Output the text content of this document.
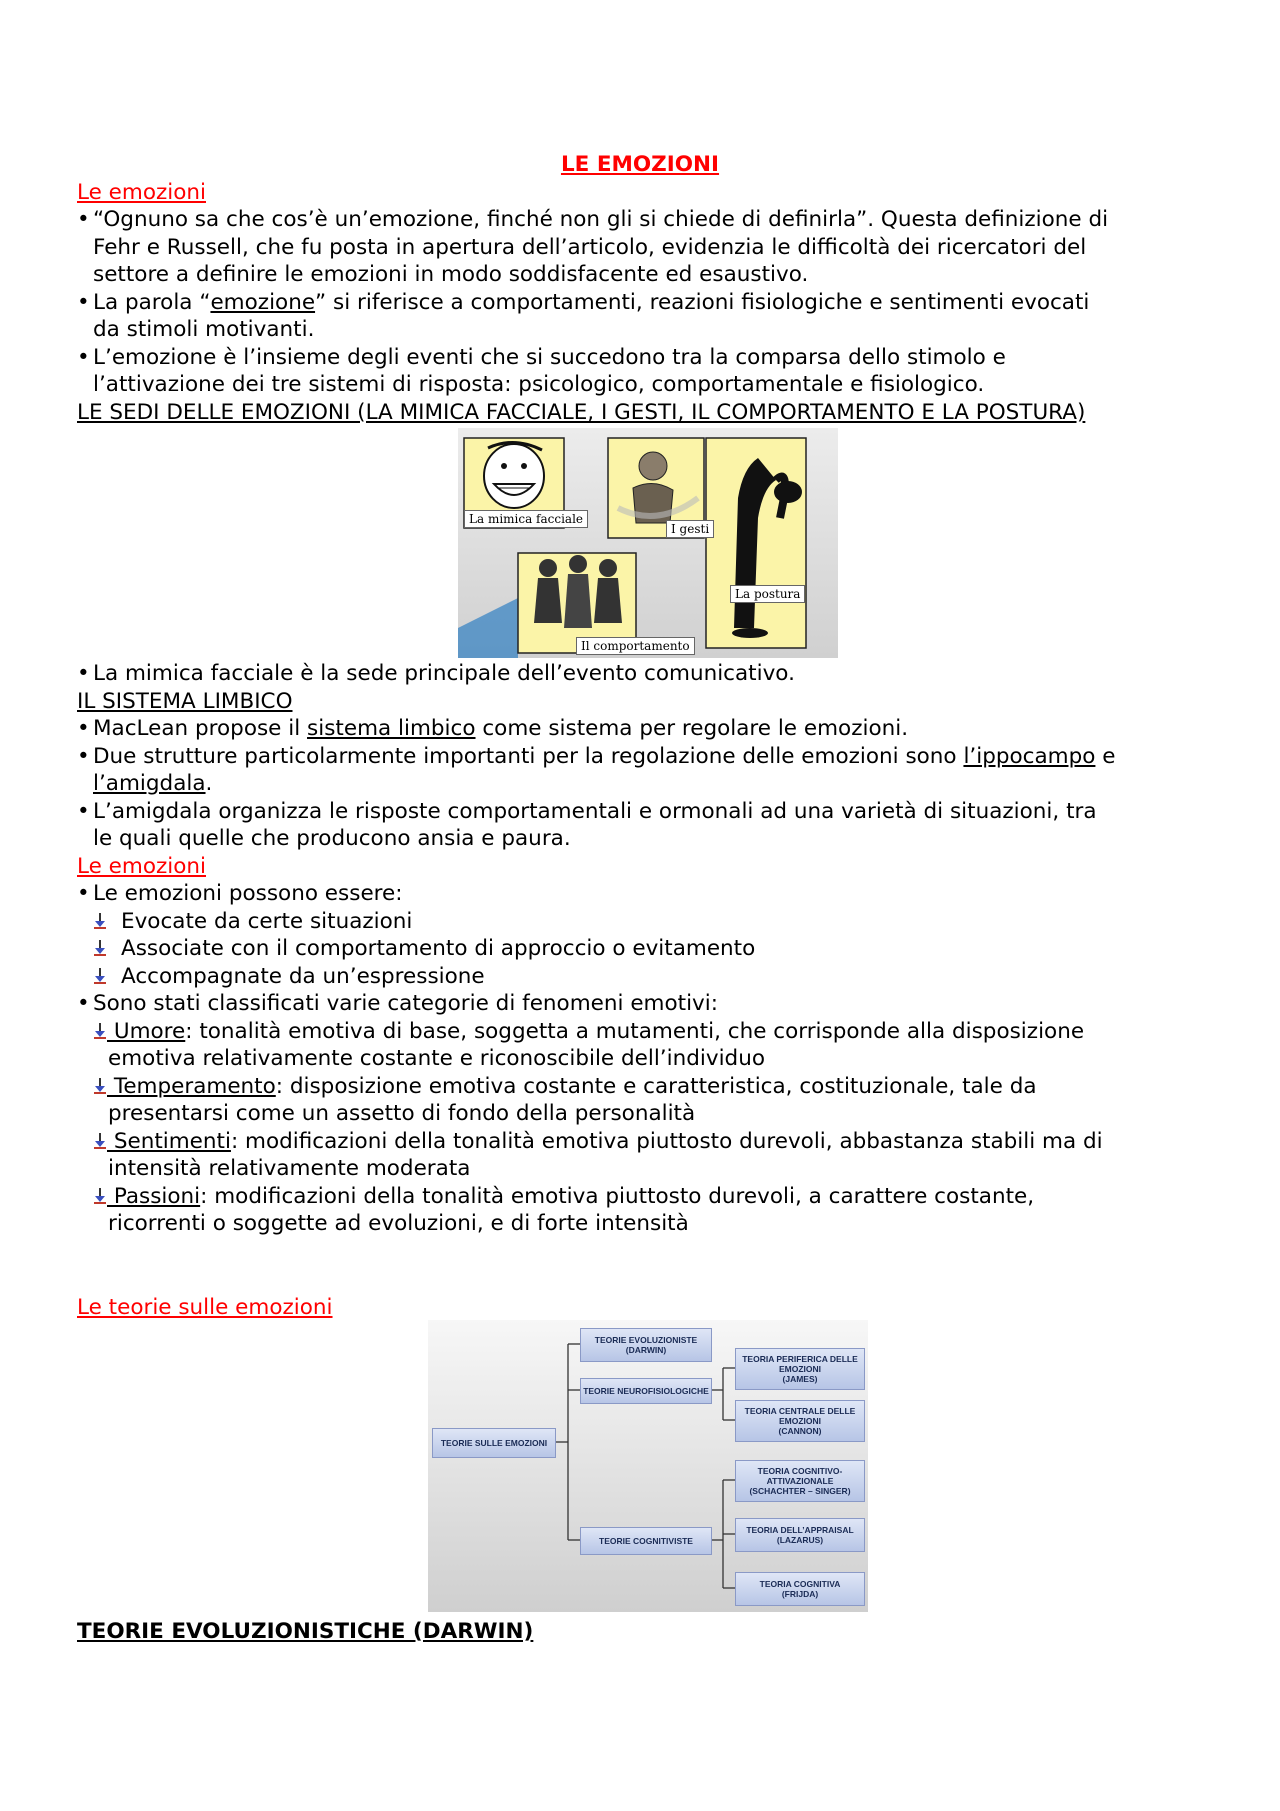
LE EMOZIONI
Le emozioni
• “Ognuno sa che cos’è un’emozione, finché non gli si chiede di definirla”. Questa definizione di
Fehr e Russell, che fu posta in apertura dell’articolo, evidenzia le difficoltà dei ricercatori del
settore a definire le emozioni in modo soddisfacente ed esaustivo.
• La parola “emozione” si riferisce a comportamenti, reazioni fisiologiche e sentimenti evocati
da stimoli motivanti.
• L’emozione è l’insieme degli eventi che si succedono tra la comparsa dello stimolo e
l’attivazione dei tre sistemi di risposta: psicologico, comportamentale e fisiologico.
LE SEDI DELLE EMOZIONI (LA MIMICA FACCIALE, I GESTI, IL COMPORTAMENTO E LA POSTURA)
La mimica facciale
I gesti
Il comportamento
La postura
• La mimica facciale è la sede principale dell’evento comunicativo.
IL SISTEMA LIMBICO
• MacLean propose il sistema limbico come sistema per regolare le emozioni.
• Due strutture particolarmente importanti per la regolazione delle emozioni sono l’ippocampo e
l’amigdala.
• L’amigdala organizza le risposte comportamentali e ormonali ad una varietà di situazioni, tra
le quali quelle che producono ansia e paura.
Le emozioni
• Le emozioni possono essere:
Evocate da certe situazioni
Associate con il comportamento di approccio o evitamento
Accompagnate da un’espressione
• Sono stati classificati varie categorie di fenomeni emotivi:
Umore: tonalità emotiva di base, soggetta a mutamenti, che corrisponde alla disposizione
emotiva relativamente costante e riconoscibile dell’individuo
Temperamento: disposizione emotiva costante e caratteristica, costituzionale, tale da
presentarsi come un assetto di fondo della personalità
Sentimenti: modificazioni della tonalità emotiva piuttosto durevoli, abbastanza stabili ma di
intensità relativamente moderata
Passioni: modificazioni della tonalità emotiva piuttosto durevoli, a carattere costante,
ricorrenti o soggette ad evoluzioni, e di forte intensità
Le teorie sulle emozioni
TEORIE SULLE EMOZIONI
TEORIE EVOLUZIONISTE
(DARWIN)
TEORIE NEUROFISIOLOGICHE
TEORIE COGNITIVISTE
TEORIA PERIFERICA DELLE
EMOZIONI
(JAMES)
TEORIA CENTRALE DELLE
EMOZIONI
(CANNON)
TEORIA COGNITIVO-
ATTIVAZIONALE
(SCHACHTER – SINGER)
TEORIA DELL’APPRAISAL
(LAZARUS)
TEORIA COGNITIVA
(FRIJDA)
TEORIE EVOLUZIONISTICHE (DARWIN)
